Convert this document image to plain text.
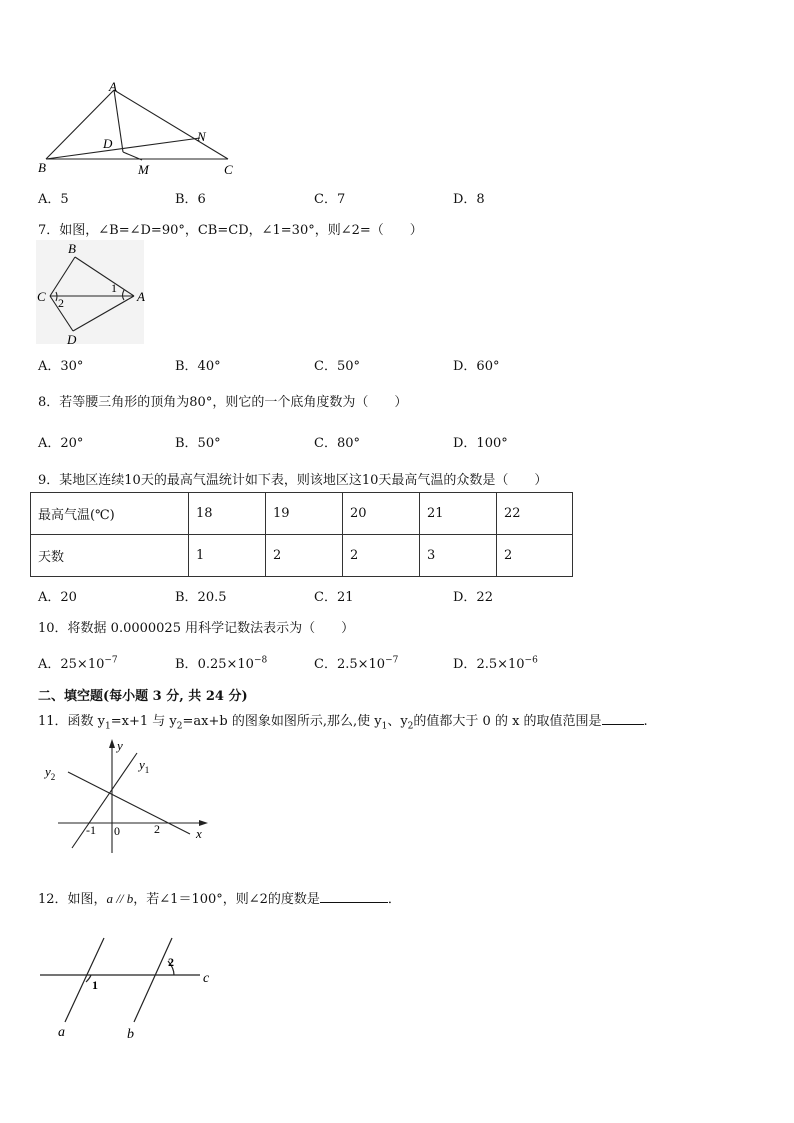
A
B	C
D
M
N
A．5	B．6	C．7	D．8
7．如图，∠B=∠D=90°，CB=CD，∠1=30°，则∠2=（　　）
B
C	A
D
1
2
A．30°	B．40°	C．50°	D．60°
8．若等腰三角形的顶角为80°，则它的一个底角度数为（　　）
A．20°	B．50°	C．80°	D．100°
9．某地区连续10天的最高气温统计如下表，则该地区这10天最高气温的众数是（　　）
最高气温(℃)	18	19	20	21	22
天数	1	2	2	3	2
A．20	B．20.5	C．21	D．22
10．将数据 0.0000025 用科学记数法表示为（　　）
A．$25\times 10^{-7}$	B．$0.25\times 10^{-8}$	C．$2.5\times 10^{-7}$	D．$2.5\times 10^{-6}$
二、填空题(每小题 3 分, 共 24 分)
11．函数 $y_1=x+1$ 与 $y_2=ax+b$ 的图象如图所示,那么,使 $y_1$、$y_2$的值都大于 0 的 x 的取值范围是	.
y
x
$y_1$
$y_2$
-1 0	2
12．如图，a // b，若∠1＝100°，则∠2的度数是	．
1
2
c
a	b
